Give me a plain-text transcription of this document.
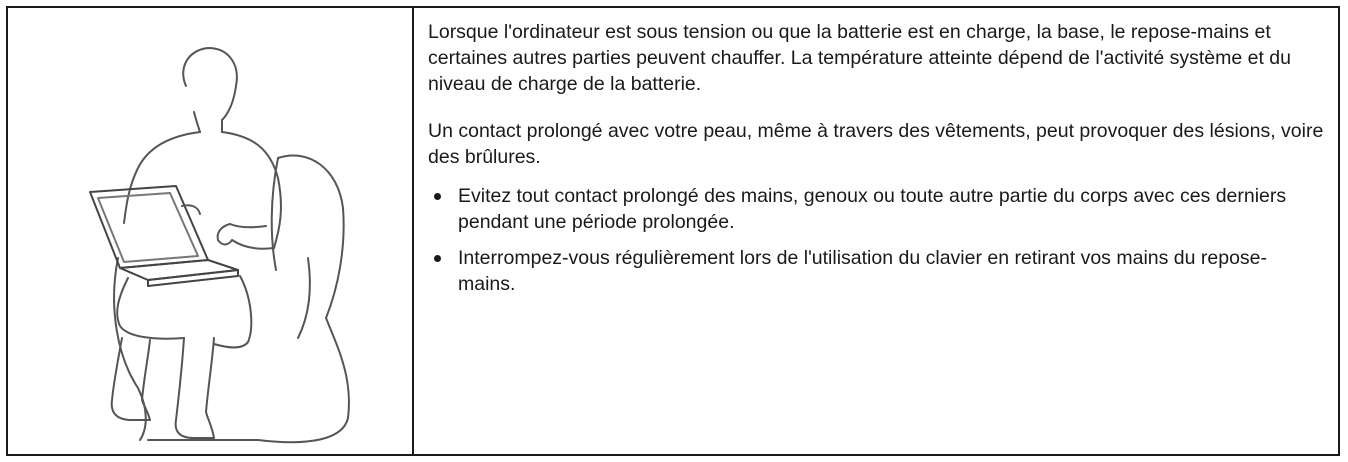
Lorsque l'ordinateur est sous tension ou que la batterie est en charge, la base, le repose-mains et certaines autres parties peuvent chauffer. La température atteinte dépend de l'activité système et du niveau de charge de la batterie.

Un contact prolongé avec votre peau, même à travers des vêtements, peut provoquer des lésions, voire des brûlures.

Evitez tout contact prolongé des mains, genoux ou toute autre partie du corps avec ces derniers pendant une période prolongée.
Interrompez-vous régulièrement lors de l'utilisation du clavier en retirant vos mains du repose-mains.
